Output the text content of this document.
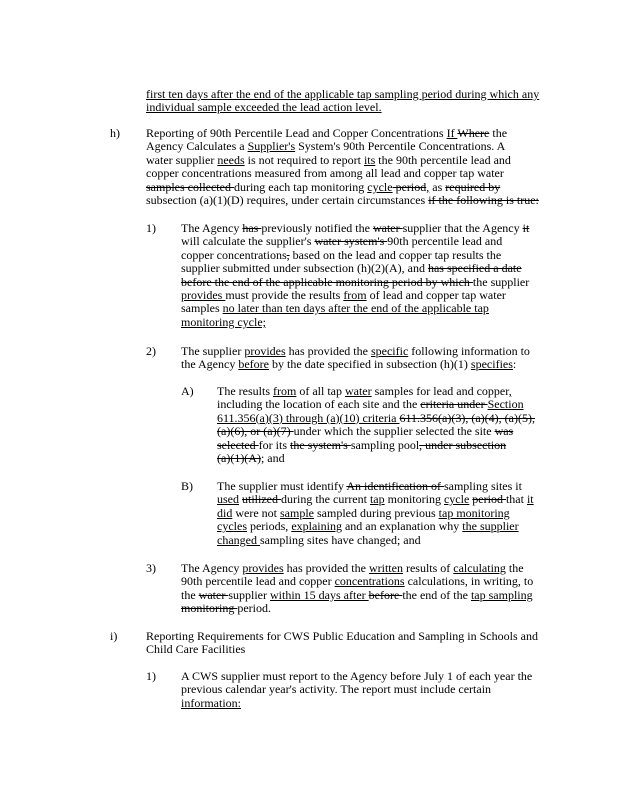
first ten days after the end of the applicable tap sampling period during which any
individual sample exceeded the lead action level.
h) Reporting of 90th Percentile Lead and Copper Concentrations If Where the
Agency Calculates a Supplier's System's 90th Percentile Concentrations. A
water supplier needs is not required to report its the 90th percentile lead and
copper concentrations measured from among all lead and copper tap water
samples collected during each tap monitoring cycle period, as required by
subsection (a)(1)(D) requires, under certain circumstances if the following is true:
1) The Agency has previously notified the water supplier that the Agency it
will calculate the supplier's water system's 90th percentile lead and
copper concentrations, based on the lead and copper tap results the
supplier submitted under subsection (h)(2)(A), and has specified a date
before the end of the applicable monitoring period by which the supplier
provides must provide the results from of lead and copper tap water
samples no later than ten days after the end of the applicable tap
monitoring cycle;
2) The supplier provides has provided the specific following information to
the Agency before by the date specified in subsection (h)(1) specifies:
A) The results from of all tap water samples for lead and copper,
including the location of each site and the criteria under Section
611.356(a)(3) through (a)(10) criteria 611.356(a)(3), (a)(4), (a)(5),
(a)(6), or (a)(7) under which the supplier selected the site was
selected for its the system's sampling pool, under subsection
(a)(1)(A); and
B) The supplier must identify An identification of sampling sites it
used utilized during the current tap monitoring cycle period that it
did were not sample sampled during previous tap monitoring
cycles periods, explaining and an explanation why the supplier
changed sampling sites have changed; and
3) The Agency provides has provided the written results of calculating the
90th percentile lead and copper concentrations calculations, in writing, to
the water supplier within 15 days after before the end of the tap sampling
monitoring period.
i) Reporting Requirements for CWS Public Education and Sampling in Schools and
Child Care Facilities
1) A CWS supplier must report to the Agency before July 1 of each year the
previous calendar year's activity. The report must include certain
information:
